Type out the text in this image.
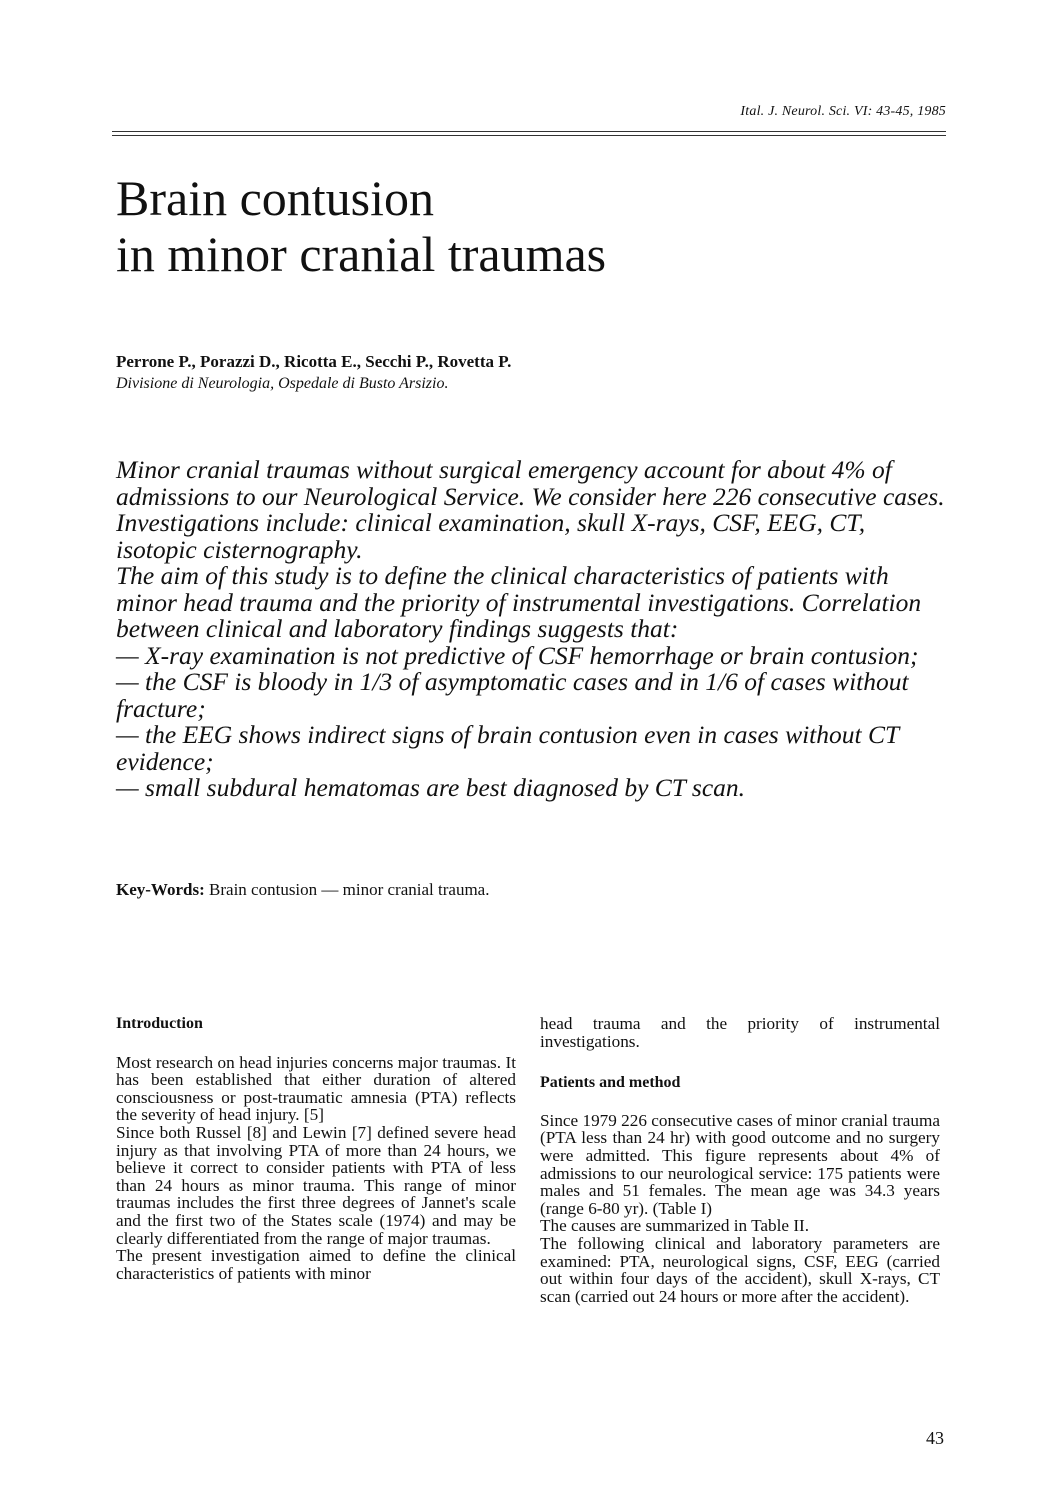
Ital. J. Neurol. Sci. VI: 43-45, 1985
Brain contusion
in minor cranial traumas
Perrone P., Porazzi D., Ricotta E., Secchi P., Rovetta P.
Divisione di Neurologia, Ospedale di Busto Arsizio.

Minor cranial traumas without surgical emergency account for about 4% of admissions to our Neurological Service. We consider here 226 consecutive cases. Investigations include: clinical examination, skull X-rays, CSF, EEG, CT, isotopic cisternography.

The aim of this study is to define the clinical characteristics of patients with minor head trauma and the priority of instrumental investigations. Correlation between clinical and laboratory findings suggests that:

— X-ray examination is not predictive of CSF hemorrhage or brain contusion;

— the CSF is bloody in 1/3 of asymptomatic cases and in 1/6 of cases without fracture;

— the EEG shows indirect signs of brain contusion even in cases without CT evidence;

— small subdural hematomas are best diagnosed by CT scan.

Key-Words: Brain contusion — minor cranial trauma.
Introduction

Most research on head injuries concerns major traumas. It has been established that either duration of altered consciousness or post-traumatic amnesia (PTA) reflects the severity of head injury. [5]

Since both Russel [8] and Lewin [7] defined severe head injury as that involving PTA of more than 24 hours, we believe it correct to consider patients with PTA of less than 24 hours as minor trauma. This range of minor traumas includes the first three degrees of Jannet's scale and the first two of the States scale (1974) and may be clearly differentiated from the range of major traumas.

The present investigation aimed to define the clinical characteristics of patients with minor

head trauma and the priority of instrumental investigations.

Patients and method

Since 1979 226 consecutive cases of minor cranial trauma (PTA less than 24 hr) with good outcome and no surgery were admitted. This figure represents about 4% of admissions to our neurological service: 175 patients were males and 51 females. The mean age was 34.3 years (range 6-80 yr). (Table I)

The causes are summarized in Table II.

The following clinical and laboratory parameters are examined: PTA, neurological signs, CSF, EEG (carried out within four days of the accident), skull X-rays, CT scan (carried out 24 hours or more after the accident).

43
